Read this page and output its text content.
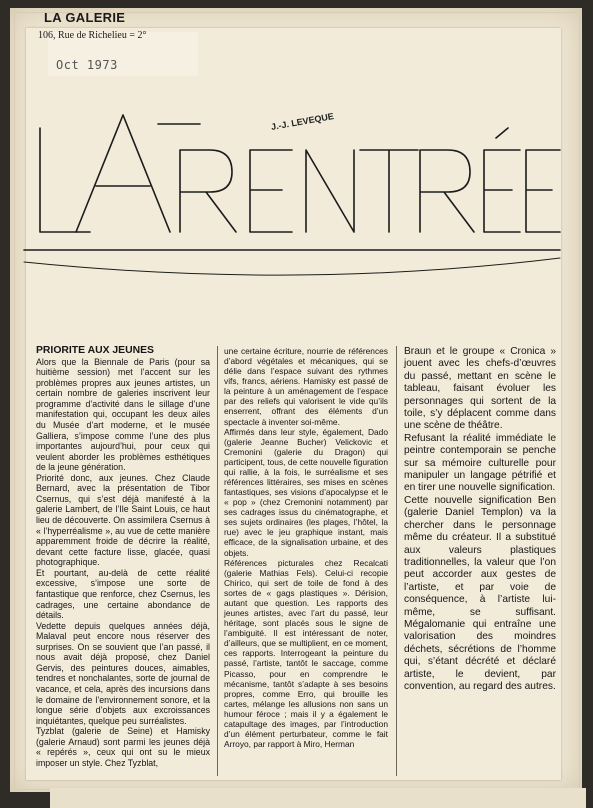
LA GALERIE
106, Rue de Richelieu = 2°
Oct 1973
J.-J. LEVEQUE
PRIORITE AUX JEUNES

Alors que la Biennale de Paris (pour sa huitième session) met l’accent sur les problèmes propres aux jeunes artistes, un certain nombre de galeries inscrivent leur programme d’activité dans le sillage d’une manifestation qui, occupant les deux ailes du Musée d’art moderne, et le musée Galliera, s’impose comme l’une des plus importantes aujourd’hui, pour ceux qui veulent aborder les problèmes esthétiques de la jeune génération.

Priorité donc, aux jeunes. Chez Claude Bernard, avec la présentation de Tibor Csernus, qui s’est déjà manifesté à la galerie Lambert, de l’Ile Saint Louis, ce haut lieu de découverte. On assimilera Csernus à « l’hyperréalisme », au vue de cette manière apparemment froide de décrire la réalité, devant cette facture lisse, glacée, quasi photographique.

Et pourtant, au-delà de cette réalité excessive, s’impose une sorte de fantastique que renforce, chez Csernus, les cadrages, une certaine abondance de détails.

Vedette depuis quelques années déjà, Malaval peut encore nous réserver des surprises. On se souvient que l’an passé, il nous avait déjà proposé, chez Daniel Gervis, des peintures douces, aimables, tendres et nonchalantes, sorte de journal de vacance, et cela, après des incursions dans le domaine de l’environnement sonore, et la longue série d’objets aux excroissances inquiétantes, quelque peu surréalistes.

Tyzblat (galerie de Seine) et Hamisky (galerie Arnaud) sont parmi les jeunes déjà « repérés », ceux qui ont su le mieux imposer un style. Chez Tyzblat,

une certaine écriture, nourrie de références d’abord végétales et mécaniques, qui se délie dans l’espace suivant des rythmes vifs, francs, aériens. Hamisky est passé de la peinture à un aménagement de l’espace par des reliefs qui valorisent le vide qu’ils enserrent, offrant des éléments d’un spectacle à inventer soi-même.

Affirmés dans leur style, également, Dado (galerie Jeanne Bucher) Velickovic et Cremonini (galerie du Dragon) qui participent, tous, de cette nouvelle figuration qui rallie, à la fois, le surréalisme et ses références littéraires, ses mises en scènes fantastiques, ses visions d’apocalypse et le « pop » (chez Cremonini notamment) par ses cadrages issus du cinématographe, et ses sujets ordinaires (les plages, l’hôtel, la rue) avec le jeu graphique instant, mais efficace, de la signalisation urbaine, et des objets.

Références picturales chez Recalcati (galerie Mathias Fels). Celui-ci recopie Chirico, qui sert de toile de fond à des sortes de « gags plastiques ». Dérision, autant que question. Les rapports des jeunes artistes, avec l’art du passé, leur héritage, sont placés sous le signe de l’ambiguité. Il est intéressant de noter, d’ailleurs, que se multiplient, en ce moment, ces rapports. Interrogeant la peinture du passé, l’artiste, tantôt le saccage, comme Picasso, pour en comprendre le mécanisme, tantôt s’adapte à ses besoins propres, comme Erro, qui brouille les cartes, mélange les allusions non sans un humour féroce ; mais il y a également le catapultage des images, par l’introduction d’un élément perturbateur, comme le fait Arroyo, par rapport à Miro, Herman

Braun et le groupe « Cronica » jouent avec les chefs-d’œuvres du passé, mettant en scène le tableau, faisant évoluer les personnages qui sortent de la toile, s’y déplacent comme dans une scène de théâtre.

Refusant la réalité immédiate le peintre contemporain se penche sur sa mémoire culturelle pour manipuler un langage pétrifié et en tirer une nouvelle signification.

Cette nouvelle signification Ben (galerie Daniel Templon) va la chercher dans le personnage même du créateur. Il a substitué aux valeurs plastiques traditionnelles, la valeur que l’on peut accorder aux gestes de l’artiste, et par voie de conséquence, à l’artiste lui-même, se suffisant. Mégalomanie qui entraîne une valorisation des moindres déchets, sécrétions de l’homme qui, s’étant décrété et déclaré artiste, le devient, par convention, au regard des autres.
